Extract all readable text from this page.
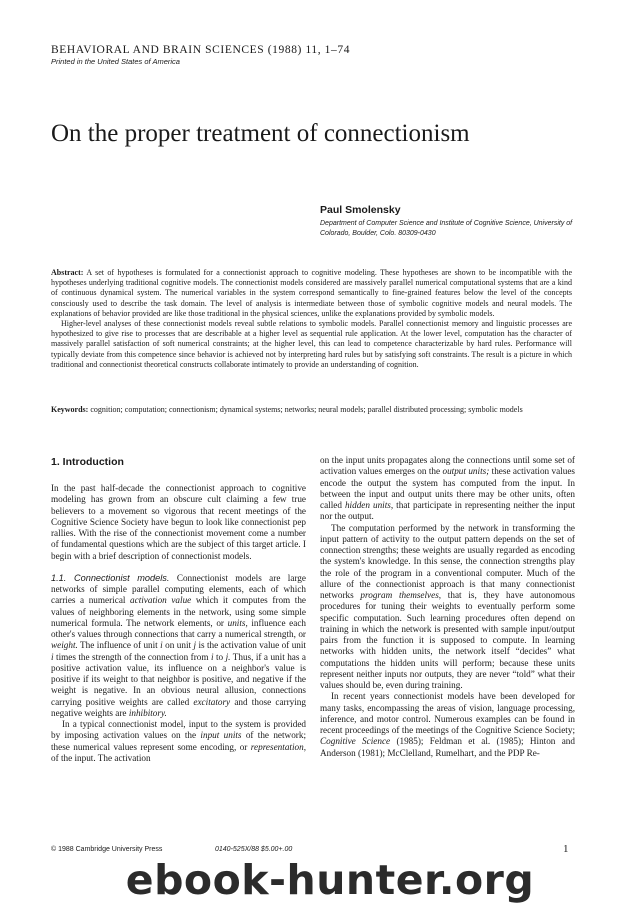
BEHAVIORAL AND BRAIN SCIENCES (1988) 11, 1–74
Printed in the United States of America
On the proper treatment of connectionism
Paul Smolensky
Department of Computer Science and Institute of Cognitive Science, University of Colorado, Boulder, Colo. 80309-0430

Abstract: A set of hypotheses is formulated for a connectionist approach to cognitive modeling. These hypotheses are shown to be incompatible with the hypotheses underlying traditional cognitive models. The connectionist models considered are massively parallel numerical computational systems that are a kind of continuous dynamical system. The numerical variables in the system correspond semantically to fine-grained features below the level of the concepts consciously used to describe the task domain. The level of analysis is intermediate between those of symbolic cognitive models and neural models. The explanations of behavior provided are like those traditional in the physical sciences, unlike the explanations provided by symbolic models.

Higher-level analyses of these connectionist models reveal subtle relations to symbolic models. Parallel connectionist memory and linguistic processes are hypothesized to give rise to processes that are describable at a higher level as sequential rule application. At the lower level, computation has the character of massively parallel satisfaction of soft numerical constraints; at the higher level, this can lead to competence characterizable by hard rules. Performance will typically deviate from this competence since behavior is achieved not by interpreting hard rules but by satisfying soft constraints. The result is a picture in which traditional and connectionist theoretical constructs collaborate intimately to provide an understanding of cognition.

Keywords: cognition; computation; connectionism; dynamical systems; networks; neural models; parallel distributed processing; symbolic models
1. Introduction

In the past half-decade the connectionist approach to cognitive modeling has grown from an obscure cult claiming a few true believers to a movement so vigorous that recent meetings of the Cognitive Science Society have begun to look like connectionist pep rallies. With the rise of the connectionist movement come a number of fundamental questions which are the subject of this target article. I begin with a brief description of connectionist models.

1.1. Connectionist models. Connectionist models are large networks of simple parallel computing elements, each of which carries a numerical activation value which it computes from the values of neighboring elements in the network, using some simple numerical formula. The network elements, or units, influence each other's values through connections that carry a numerical strength, or weight. The influence of unit i on unit j is the activation value of unit i times the strength of the connection from i to j. Thus, if a unit has a positive activation value, its influence on a neighbor's value is positive if its weight to that neighbor is positive, and negative if the weight is negative. In an obvious neural allusion, connections carrying positive weights are called excitatory and those carrying negative weights are inhibitory.

In a typical connectionist model, input to the system is provided by imposing activation values on the input units of the network; these numerical values represent some encoding, or representation, of the input. The activation

on the input units propagates along the connections until some set of activation values emerges on the output units; these activation values encode the output the system has computed from the input. In between the input and output units there may be other units, often called hidden units, that participate in representing neither the input nor the output.

The computation performed by the network in transforming the input pattern of activity to the output pattern depends on the set of connection strengths; these weights are usually regarded as encoding the system's knowledge. In this sense, the connection strengths play the role of the program in a conventional computer. Much of the allure of the connectionist approach is that many connectionist networks program themselves, that is, they have autonomous procedures for tuning their weights to eventually perform some specific computation. Such learning procedures often depend on training in which the network is presented with sample input/output pairs from the function it is supposed to compute. In learning networks with hidden units, the network itself “decides” what computations the hidden units will perform; because these units represent neither inputs nor outputs, they are never “told” what their values should be, even during training.

In recent years connectionist models have been developed for many tasks, encompassing the areas of vision, language processing, inference, and motor control. Numerous examples can be found in recent proceedings of the meetings of the Cognitive Science Society; Cognitive Science (1985); Feldman et al. (1985); Hinton and Anderson (1981); McClelland, Rumelhart, and the PDP Re-

© 1988 Cambridge University Press	0140-525X/88 $5.00+.00	1
ebook-hunter.org
